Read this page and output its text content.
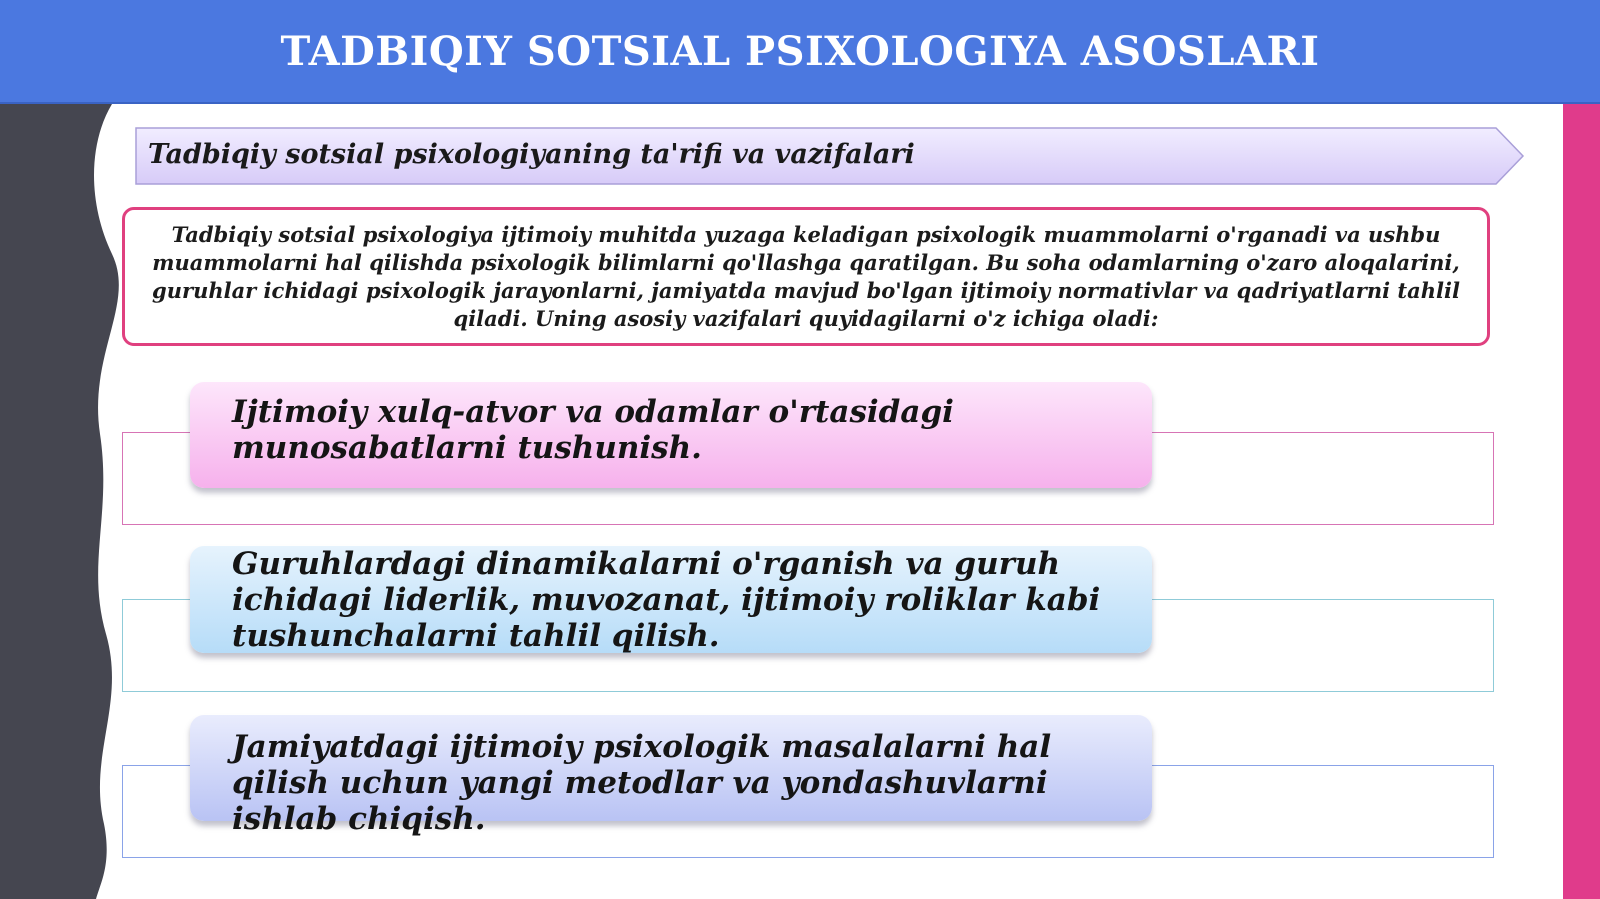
TADBIQIY SOTSIAL PSIXOLOGIYA ASOSLARI
Tadbiqiy sotsial psixologiyaning ta'rifi va vazifalari

Tadbiqiy sotsial psixologiya ijtimoiy muhitda yuzaga keladigan psixologik muammolarni o'rganadi va ushbu muammolarni hal qilishda psixologik bilimlarni qo'llashga qaratilgan. Bu soha odamlarning o'zaro aloqalarini, guruhlar ichidagi psixologik jarayonlarni, jamiyatda mavjud bo'lgan ijtimoiy normativlar va qadriyatlarni tahlil qiladi. Uning asosiy vazifalari quyidagilarni o'z ichiga oladi:

Ijtimoiy xulq-atvor va odamlar o'rtasidagi munosabatlarni tushunish.

Guruhlardagi dinamikalarni o'rganish va guruh ichidagi liderlik, muvozanat, ijtimoiy roliklar kabi tushunchalarni tahlil qilish.

Jamiyatdagi ijtimoiy psixologik masalalarni hal qilish uchun yangi metodlar va yondashuvlarni ishlab chiqish.
